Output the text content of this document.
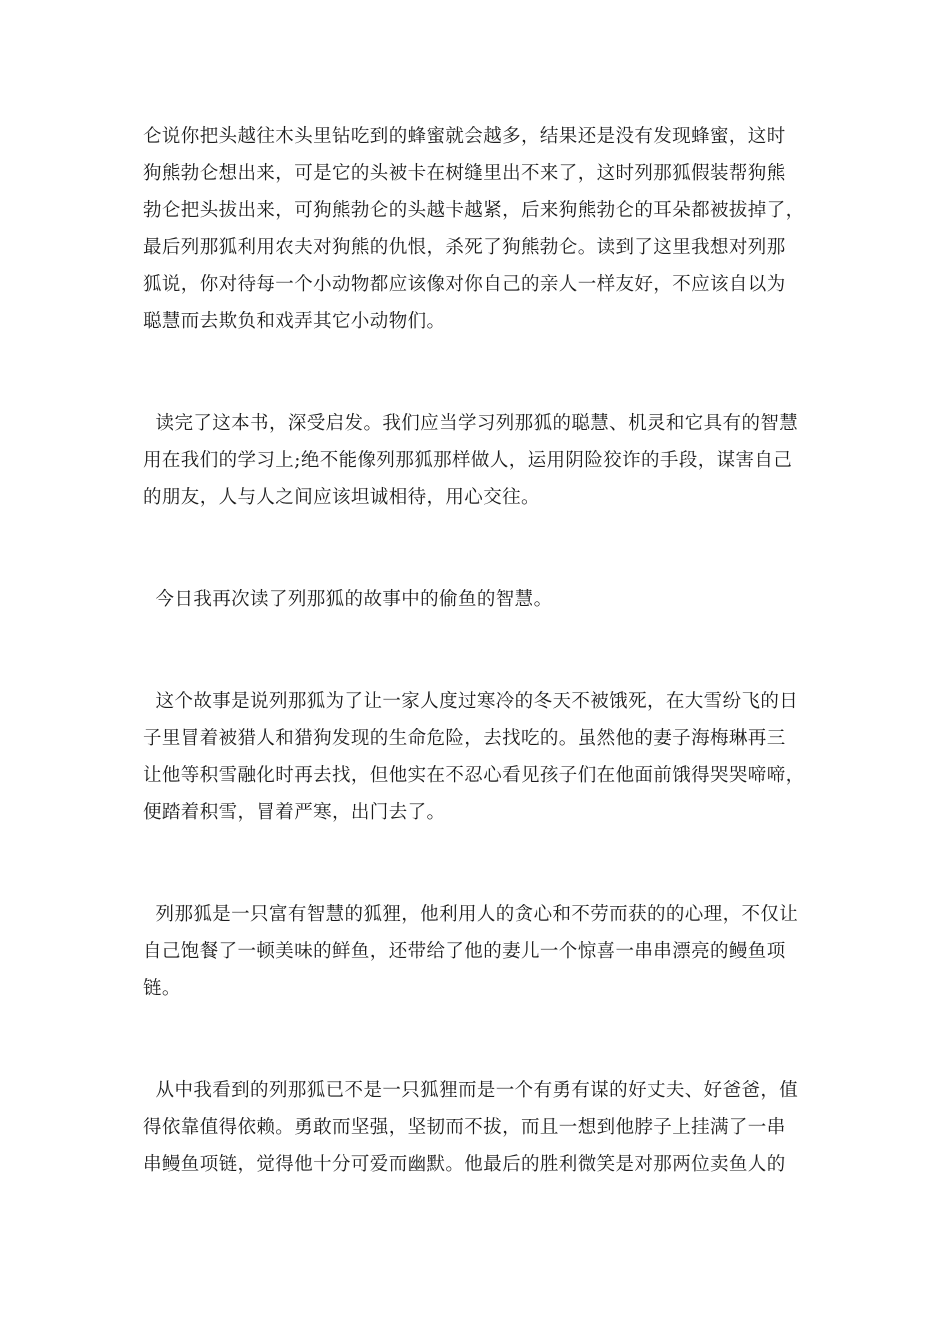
仑说你把头越往木头里钻吃到的蜂蜜就会越多，结果还是没有发现蜂蜜，这时
狗熊勃仑想出来，可是它的头被卡在树缝里出不来了，这时列那狐假装帮狗熊
勃仑把头拔出来，可狗熊勃仑的头越卡越紧，后来狗熊勃仑的耳朵都被拔掉了，
最后列那狐利用农夫对狗熊的仇恨，杀死了狗熊勃仑。读到了这里我想对列那
狐说，你对待每一个小动物都应该像对你自己的亲人一样友好，不应该自以为
聪慧而去欺负和戏弄其它小动物们。
读完了这本书，深受启发。我们应当学习列那狐的聪慧、机灵和它具有的智慧
用在我们的学习上;绝不能像列那狐那样做人，运用阴险狡诈的手段，谋害自己
的朋友，人与人之间应该坦诚相待，用心交往。
今日我再次读了列那狐的故事中的偷鱼的智慧。
这个故事是说列那狐为了让一家人度过寒冷的冬天不被饿死，在大雪纷飞的日
子里冒着被猎人和猎狗发现的生命危险，去找吃的。虽然他的妻子海梅琳再三
让他等积雪融化时再去找，但他实在不忍心看见孩子们在他面前饿得哭哭啼啼，
便踏着积雪，冒着严寒，出门去了。
列那狐是一只富有智慧的狐狸，他利用人的贪心和不劳而获的的心理，不仅让
自己饱餐了一顿美味的鲜鱼，还带给了他的妻儿一个惊喜一串串漂亮的鳗鱼项
链。
从中我看到的列那狐已不是一只狐狸而是一个有勇有谋的好丈夫、好爸爸，值
得依靠值得依赖。勇敢而坚强，坚韧而不拔，而且一想到他脖子上挂满了一串
串鳗鱼项链，觉得他十分可爱而幽默。他最后的胜利微笑是对那两位卖鱼人的
